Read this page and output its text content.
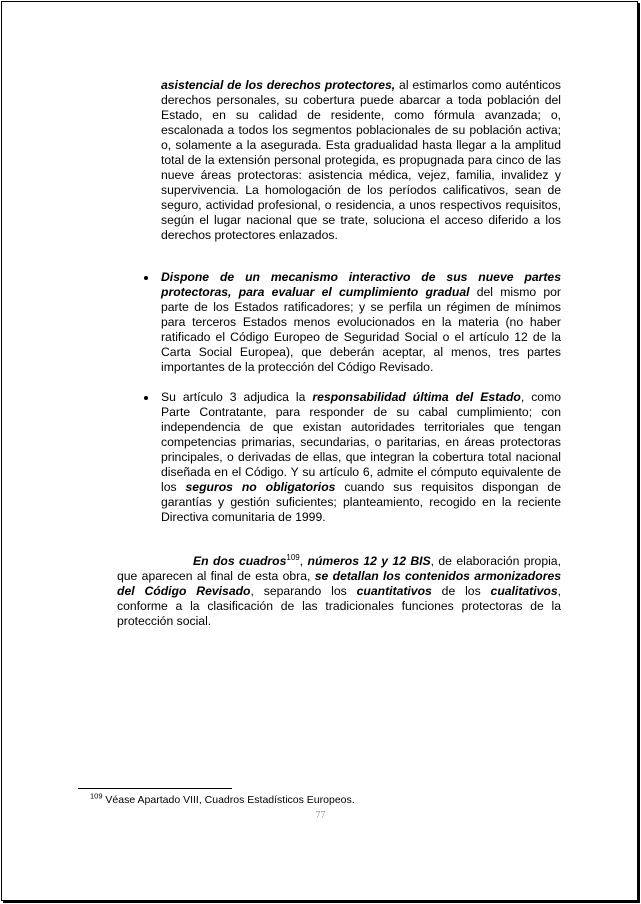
asistencial de los derechos protectores, al estimarlos como auténticos derechos personales, su cobertura puede abarcar a toda población del Estado, en su calidad de residente, como fórmula avanzada; o, escalonada a todos los segmentos poblacionales de su población activa; o, solamente a la asegurada. Esta gradualidad hasta llegar a la amplitud total de la extensión personal protegida, es propugnada para cinco de las nueve áreas protectoras: asistencia médica, vejez, familia, invalidez y supervivencia. La homologación de los períodos calificativos, sean de seguro, actividad profesional, o residencia, a unos respectivos requisitos, según el lugar nacional que se trate, soluciona el acceso diferido a los derechos protectores enlazados.
Dispone de un mecanismo interactivo de sus nueve partes protectoras, para evaluar el cumplimiento gradual del mismo por parte de los Estados ratificadores; y se perfila un régimen de mínimos para terceros Estados menos evolucionados en la materia (no haber ratificado el Código Europeo de Seguridad Social o el artículo 12 de la Carta Social Europea), que deberán aceptar, al menos, tres partes importantes de la protección del Código Revisado.
Su artículo 3 adjudica la responsabilidad última del Estado, como Parte Contratante, para responder de su cabal cumplimiento; con independencia de que existan autoridades territoriales que tengan competencias primarias, secundarias, o paritarias, en áreas protectoras principales, o derivadas de ellas, que integran la cobertura total nacional diseñada en el Código. Y su artículo 6, admite el cómputo equivalente de los seguros no obligatorios cuando sus requisitos dispongan de garantías y gestión suficientes; planteamiento, recogido en la reciente Directiva comunitaria de 1999.
En dos cuadros$^{109}$, números 12 y 12 BIS, de elaboración propia, que aparecen al final de esta obra, se detallan los contenidos armonizadores del Código Revisado, separando los cuantitativos de los cualitativos, conforme a la clasificación de las tradicionales funciones protectoras de la protección social.
$^{109}$ Véase Apartado VIII, Cuadros Estadísticos Europeos.
77
